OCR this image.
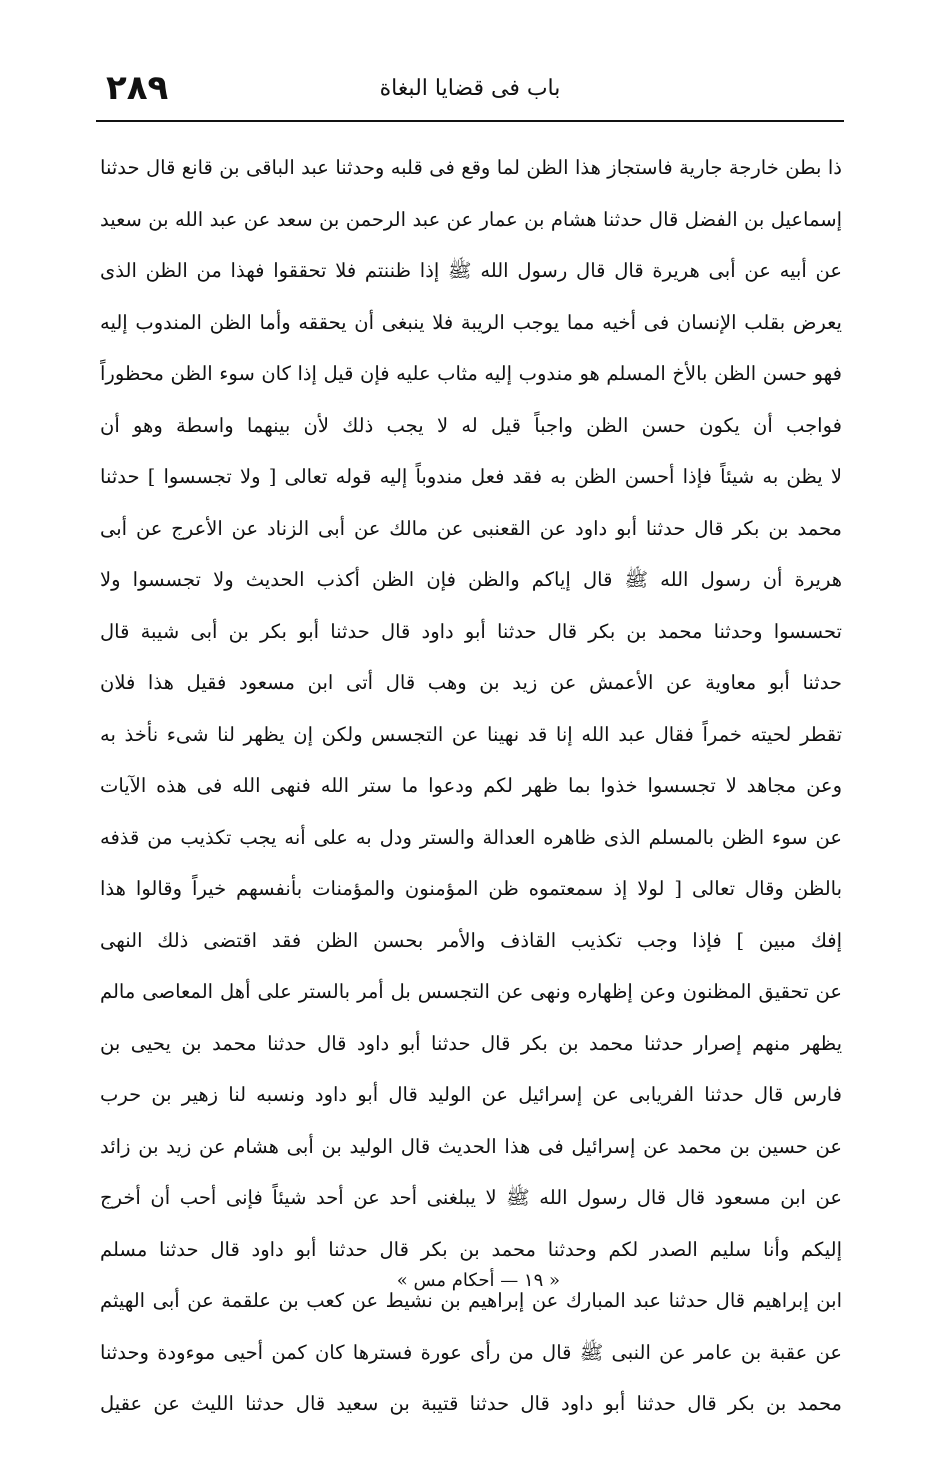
٢٨٩	باب فى قضايا البغاة
ذا بطن خارجة جارية فاستجاز هذا الظن لما وقع فى قلبه وحدثنا عبد الباقى بن قانع قال حدثنا
إسماعيل بن الفضل قال حدثنا هشام بن عمار عن عبد الرحمن بن سعد عن عبد الله بن سعيد
عن أبيه عن أبى هريرة قال قال رسول الله ﷺ إذا ظننتم فلا تحققوا فهذا من الظن الذى
يعرض بقلب الإنسان فى أخيه مما يوجب الريبة فلا ينبغى أن يحققه وأما الظن المندوب إليه
فهو حسن الظن بالأخ المسلم هو مندوب إليه مثاب عليه فإن قيل إذا كان سوء الظن محظوراً
فواجب أن يكون حسن الظن واجباً قيل له لا يجب ذلك لأن بينهما واسطة وهو أن
لا يظن به شيئاً فإذا أحسن الظن به فقد فعل مندوباً إليه قوله تعالى [ ولا تجسسوا ] حدثنا
محمد بن بكر قال حدثنا أبو داود عن القعنبى عن مالك عن أبى الزناد عن الأعرج عن أبى
هريرة أن رسول الله ﷺ قال إياكم والظن فإن الظن أكذب الحديث ولا تجسسوا ولا
تحسسوا وحدثنا محمد بن بكر قال حدثنا أبو داود قال حدثنا أبو بكر بن أبى شيبة قال
حدثنا أبو معاوية عن الأعمش عن زيد بن وهب قال أتى ابن مسعود فقيل هذا فلان
تقطر لحيته خمراً فقال عبد الله إنا قد نهينا عن التجسس ولكن إن يظهر لنا شىء نأخذ به
وعن مجاهد لا تجسسوا خذوا بما ظهر لكم ودعوا ما ستر الله فنهى الله فى هذه الآيات
عن سوء الظن بالمسلم الذى ظاهره العدالة والستر ودل به على أنه يجب تكذيب من قذفه
بالظن وقال تعالى [ لولا إذ سمعتموه ظن المؤمنون والمؤمنات بأنفسهم خيراً وقالوا هذا
إفك مبين ] فإذا وجب تكذيب القاذف والأمر بحسن الظن فقد اقتضى ذلك النهى
عن تحقيق المظنون وعن إظهاره ونهى عن التجسس بل أمر بالستر على أهل المعاصى مالم
يظهر منهم إصرار حدثنا محمد بن بكر قال حدثنا أبو داود قال حدثنا محمد بن يحيى بن
فارس قال حدثنا الفريابى عن إسرائيل عن الوليد قال أبو داود ونسبه لنا زهير بن حرب
عن حسين بن محمد عن إسرائيل فى هذا الحديث قال الوليد بن أبى هشام عن زيد بن زائد
عن ابن مسعود قال قال رسول الله ﷺ لا يبلغنى أحد عن أحد شيئاً فإنى أحب أن أخرج
إليكم وأنا سليم الصدر لكم وحدثنا محمد بن بكر قال حدثنا أبو داود قال حدثنا مسلم
ابن إبراهيم قال حدثنا عبد المبارك عن إبراهيم بن نشيط عن كعب بن علقمة عن أبى الهيثم
عن عقبة بن عامر عن النبى ﷺ قال من رأى عورة فسترها كان كمن أحيى موءودة وحدثنا
محمد بن بكر قال حدثنا أبو داود قال حدثنا قتيبة بن سعيد قال حدثنا الليث عن عقيل
« ١٩ — أحكام مس »
